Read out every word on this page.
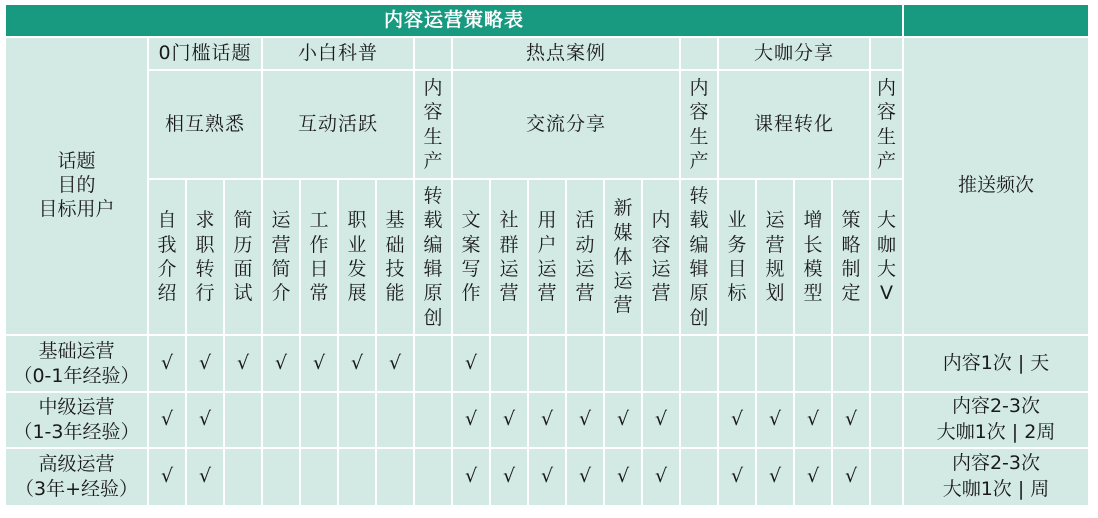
内容运营策略表																					
话题
目的
目标用户	0门槛话题			小白科普					热点案例							大咖分享					推送频次
	相互熟悉			互动活跃				内容生产	交流分享						内容生产	课程转化				内容生产	

	自我介绍	求职转行	简历面试	运营简介	工作日常	职业发展	基础技能	转载编辑原创	文案写作	社群运营	用户运营	活动运营	新媒体运营	内容运营	转载编辑原创	业务目标	运营规划	增长模型	策略制定	大咖大V	

基础运营
（0-1年经验）	√	√	√	√	√	√	√		√												内容1次 | 天
中级运营
（1-3年经验）	√	√							√	√	√	√	√	√		√	√	√	√		内容2-3次
大咖1次 | 2周
高级运营
（3年+经验）	√	√							√	√	√	√	√	√		√	√	√	√		内容2-3次
大咖1次 | 周
